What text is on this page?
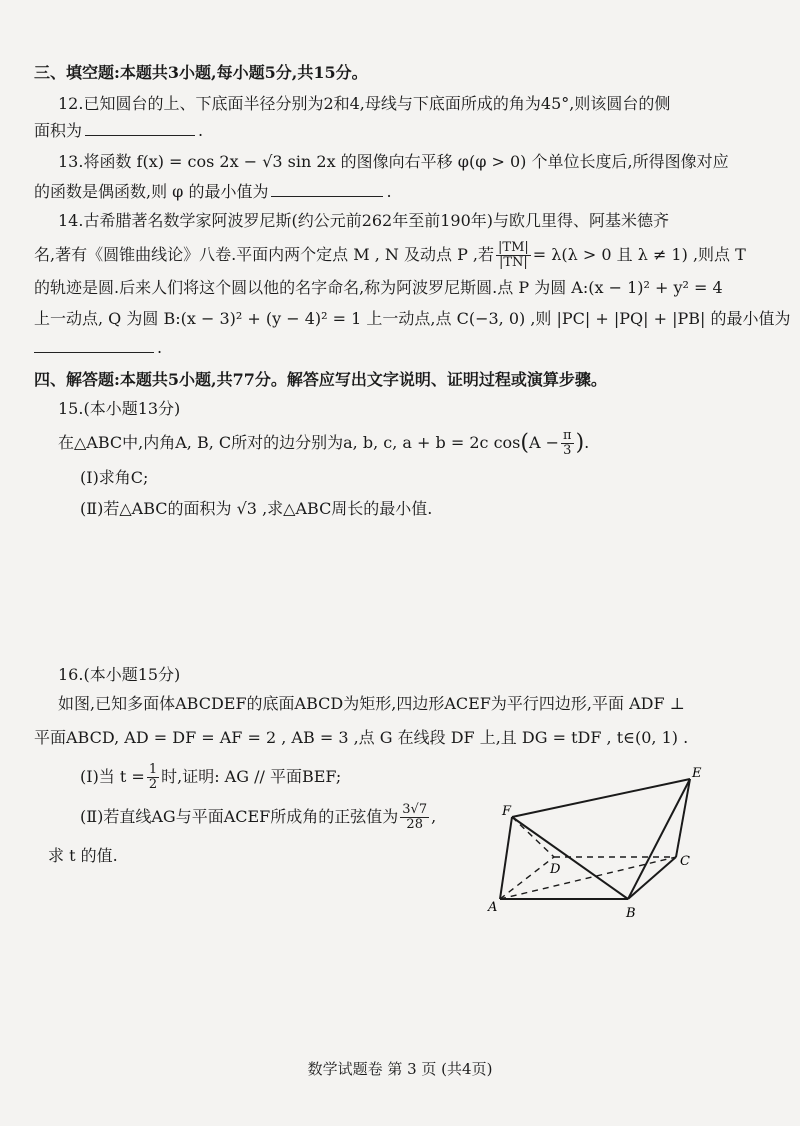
三、填空题:本题共3小题,每小题5分,共15分。
12.已知圆台的上、下底面半径分别为2和4,母线与下底面所成的角为45°,则该圆台的侧
面积为	.
13.将函数 f(x) = cos 2x − √3 sin 2x 的图像向右平移 φ(φ > 0) 个单位长度后,所得图像对应
的函数是偶函数,则 φ 的最小值为	.
14.古希腊著名数学家阿波罗尼斯(约公元前262年至前190年)与欧几里得、阿基米德齐
名,著有《圆锥曲线论》八卷.平面内两个定点 M , N 及动点 P ,若 $\frac{|TM|}{|TN|} = \lambda(\lambda > 0$ 且 λ ≠ 1) ,则点 T
的轨迹是圆.后来人们将这个圆以他的名字命名,称为阿波罗尼斯圆.点 P 为圆 A:(x − 1)² + y² = 4
上一动点, Q 为圆 B:(x − 3)² + (y − 4)² = 1 上一动点,点 C(−3, 0) ,则 |PC| + |PQ| + |PB| 的最小值为
.
四、解答题:本题共5小题,共77分。解答应写出文字说明、证明过程或演算步骤。
15.(本小题13分)
在△ABC中,内角A, B, C所对的边分别为a, b, c, a + b = 2c $\cos(A - \frac{\pi}{3}$ ).
(Ⅰ)求角C;
(Ⅱ)若△ABC的面积为 √3 ,求△ABC周长的最小值.
16.(本小题15分)
如图,已知多面体ABCDEF的底面ABCD为矩形,四边形ACEF为平行四边形,平面 ADF ⊥
平面ABCD, AD = DF = AF = 2 , AB = 3 ,点 G 在线段 DF 上,且 DG = tDF , t∈(0, 1) .
(Ⅰ)当 $t = \frac{1}{2}$ 时,证明: AG // 平面BEF;
(Ⅱ)若直线AG与平面ACEF所成角的正弦值为 $\frac{3√7}{28}$ ,
求 t 的值.
A	B
C
D
E
F
数学试题卷 第 3 页 (共4页)
